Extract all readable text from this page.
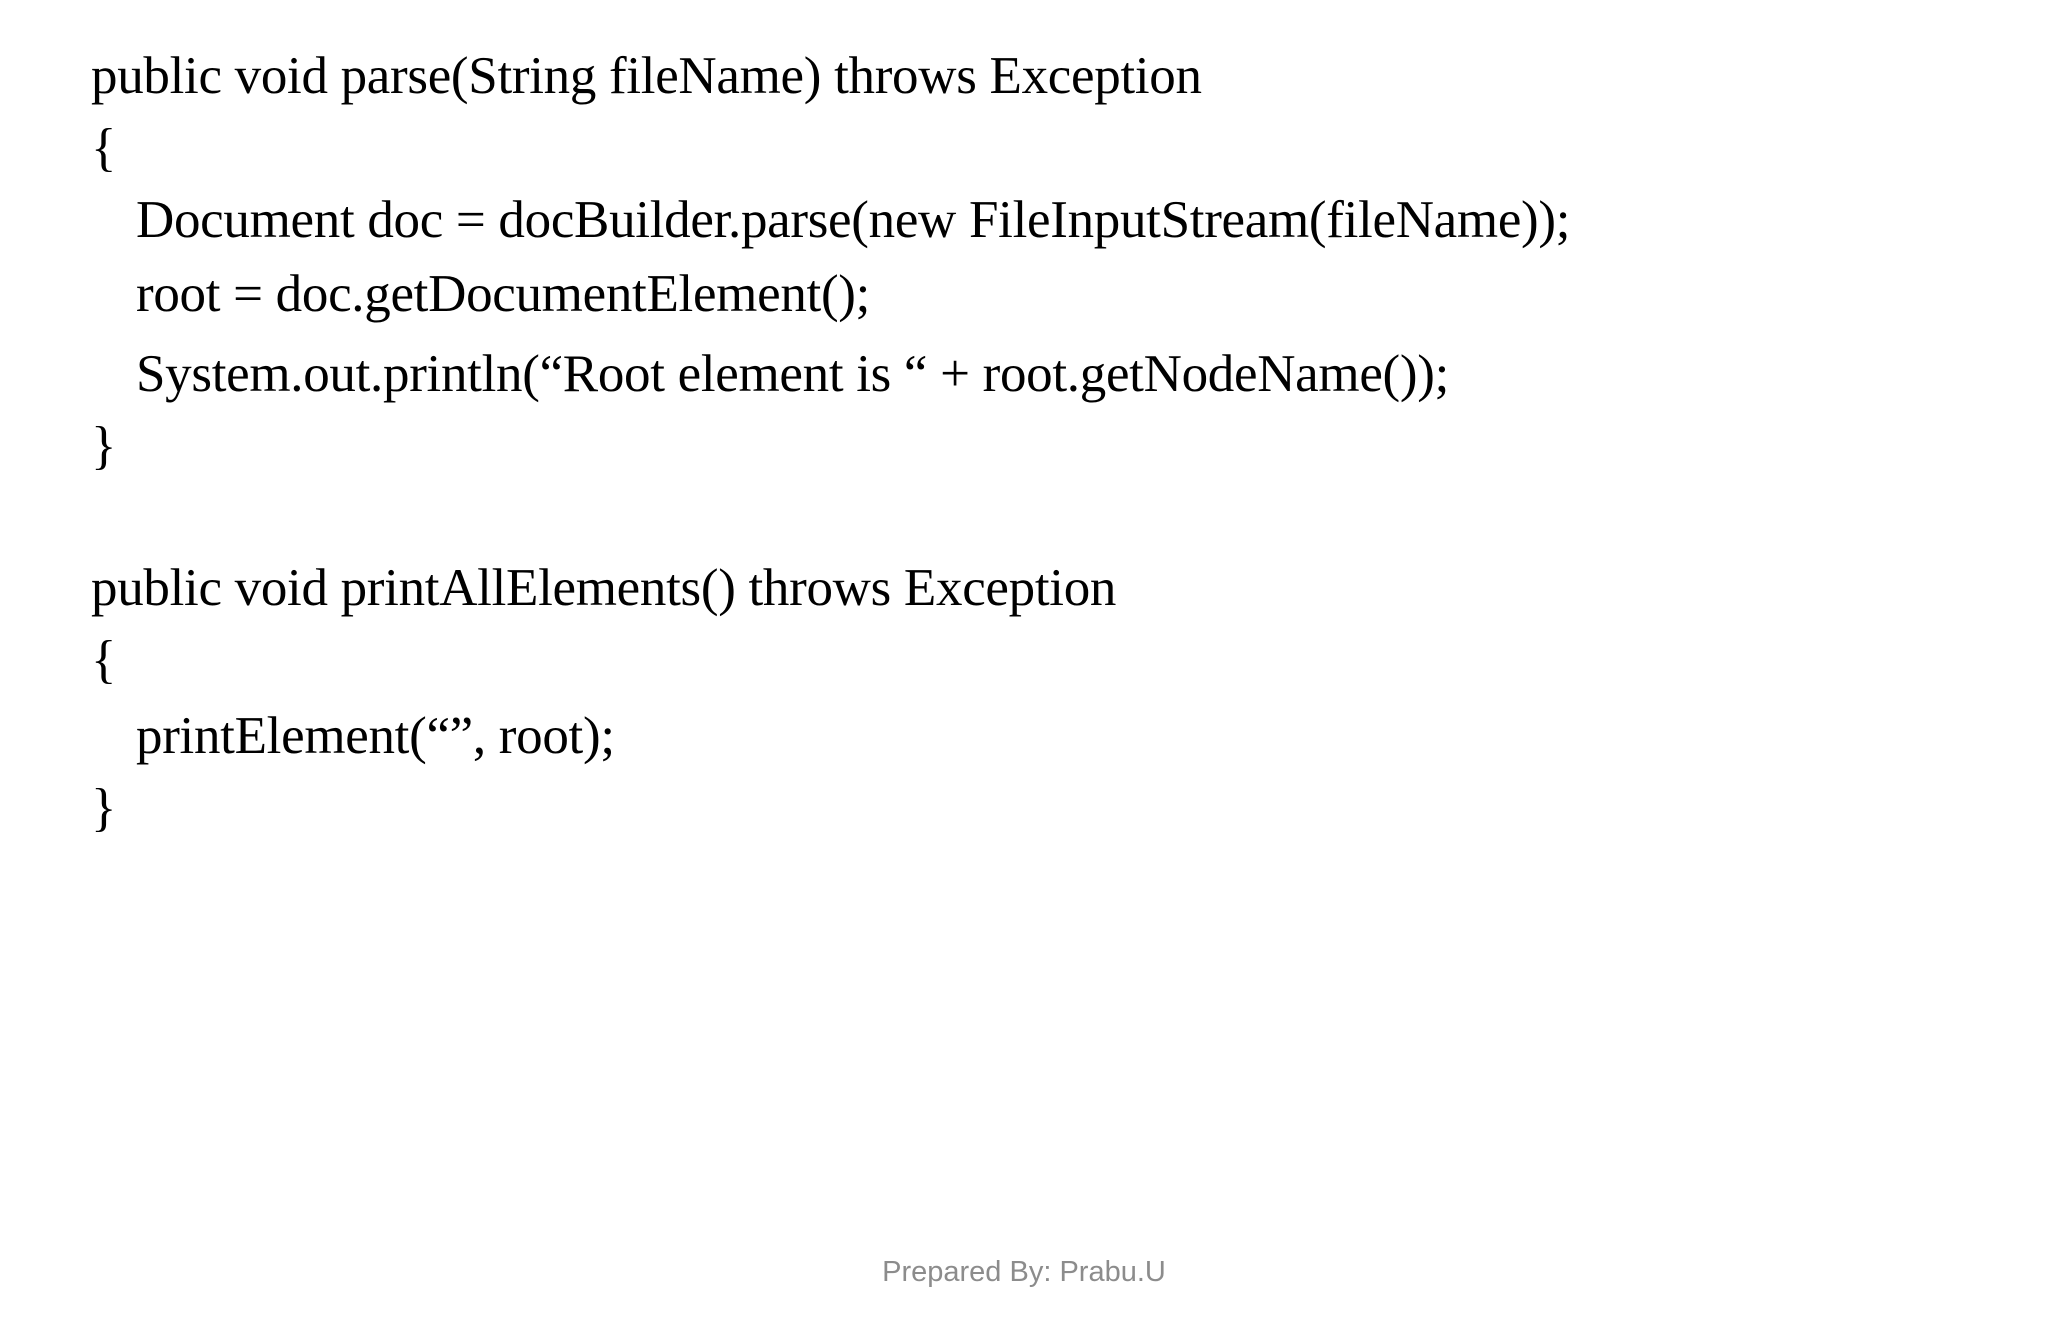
public void parse(String fileName) throws Exception
{
Document doc = docBuilder.parse(new FileInputStream(fileName));
root = doc.getDocumentElement();
System.out.println(“Root element is “ + root.getNodeName());
}
public void printAllElements() throws Exception
{
printElement(“”, root);
}
Prepared By: Prabu.U
